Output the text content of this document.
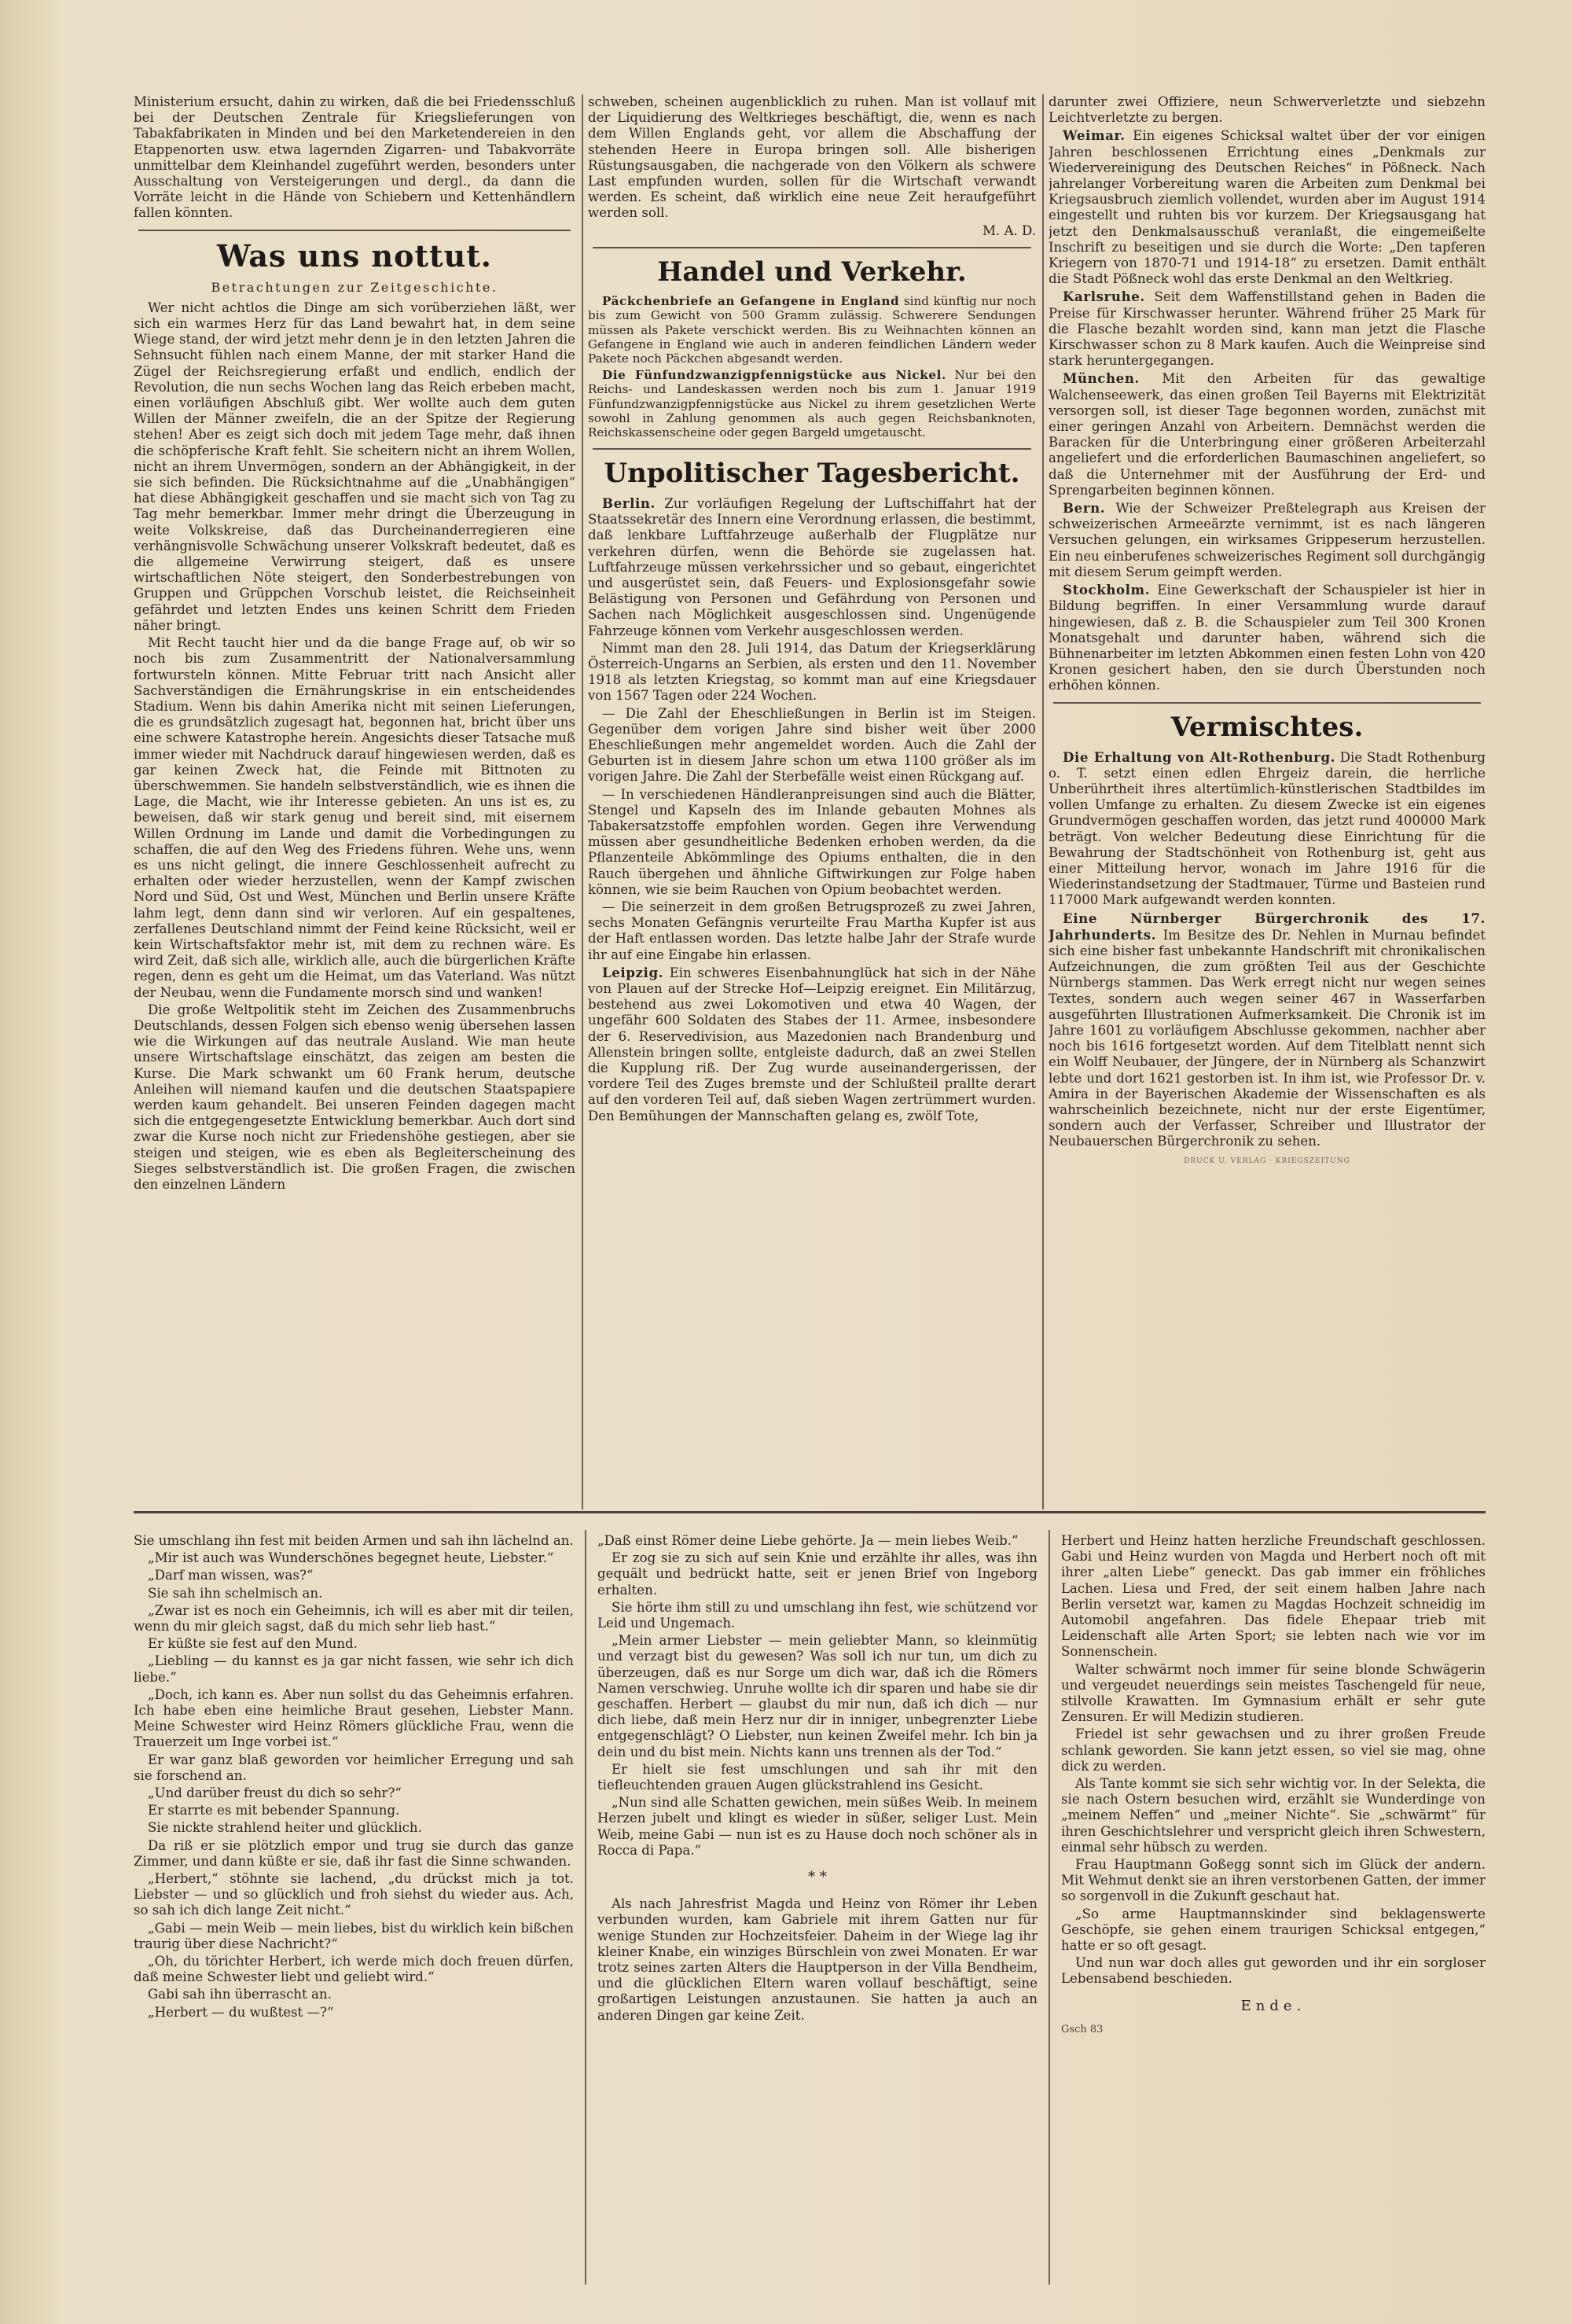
Ministerium ersucht, dahin zu wirken, daß die bei Friedensschluß bei der Deutschen Zentrale für Kriegslieferungen von Tabakfabrikaten in Minden und bei den Marketendereien in den Etappenorten usw. etwa lagernden Zigarren- und Tabakvorräte unmittelbar dem Kleinhandel zugeführt werden, besonders unter Ausschaltung von Versteigerungen und dergl., da dann die Vorräte leicht in die Hände von Schiebern und Kettenhändlern fallen könnten.

Was uns nottut.

Betrachtungen zur Zeitgeschichte.

Wer nicht achtlos die Dinge am sich vorüberziehen läßt, wer sich ein warmes Herz für das Land bewahrt hat, in dem seine Wiege stand, der wird jetzt mehr denn je in den letzten Jahren die Sehnsucht fühlen nach einem Manne, der mit starker Hand die Zügel der Reichsregierung erfaßt und endlich, endlich der Revolution, die nun sechs Wochen lang das Reich erbeben macht, einen vorläufigen Abschluß gibt. Wer wollte auch dem guten Willen der Männer zweifeln, die an der Spitze der Regierung stehen! Aber es zeigt sich doch mit jedem Tage mehr, daß ihnen die schöpferische Kraft fehlt. Sie scheitern nicht an ihrem Wollen, nicht an ihrem Unvermögen, sondern an der Abhängigkeit, in der sie sich befinden. Die Rücksichtnahme auf die „Unabhängigen“ hat diese Abhängigkeit geschaffen und sie macht sich von Tag zu Tag mehr bemerkbar. Immer mehr dringt die Überzeugung in weite Volkskreise, daß das Durcheinanderregieren eine verhängnisvolle Schwächung unserer Volkskraft bedeutet, daß es die allgemeine Verwirrung steigert, daß es unsere wirtschaftlichen Nöte steigert, den Sonderbestrebungen von Gruppen und Grüppchen Vorschub leistet, die Reichseinheit gefährdet und letzten Endes uns keinen Schritt dem Frieden näher bringt.

Mit Recht taucht hier und da die bange Frage auf, ob wir so noch bis zum Zusammentritt der Nationalversammlung fortwursteln können. Mitte Februar tritt nach Ansicht aller Sachverständigen die Ernährungskrise in ein entscheidendes Stadium. Wenn bis dahin Amerika nicht mit seinen Lieferungen, die es grundsätzlich zugesagt hat, begonnen hat, bricht über uns eine schwere Katastrophe herein. Angesichts dieser Tatsache muß immer wieder mit Nachdruck darauf hingewiesen werden, daß es gar keinen Zweck hat, die Feinde mit Bittnoten zu überschwemmen. Sie handeln selbstverständlich, wie es ihnen die Lage, die Macht, wie ihr Interesse gebieten. An uns ist es, zu beweisen, daß wir stark genug und bereit sind, mit eisernem Willen Ordnung im Lande und damit die Vorbedingungen zu schaffen, die auf den Weg des Friedens führen. Wehe uns, wenn es uns nicht gelingt, die innere Geschlossenheit aufrecht zu erhalten oder wieder herzustellen, wenn der Kampf zwischen Nord und Süd, Ost und West, München und Berlin unsere Kräfte lahm legt, denn dann sind wir verloren. Auf ein gespaltenes, zerfallenes Deutschland nimmt der Feind keine Rücksicht, weil er kein Wirtschaftsfaktor mehr ist, mit dem zu rechnen wäre. Es wird Zeit, daß sich alle, wirklich alle, auch die bürgerlichen Kräfte regen, denn es geht um die Heimat, um das Vaterland. Was nützt der Neubau, wenn die Fundamente morsch sind und wanken!

Die große Weltpolitik steht im Zeichen des Zusammenbruchs Deutschlands, dessen Folgen sich ebenso wenig übersehen lassen wie die Wirkungen auf das neutrale Ausland. Wie man heute unsere Wirtschaftslage einschätzt, das zeigen am besten die Kurse. Die Mark schwankt um 60 Frank herum, deutsche Anleihen will niemand kaufen und die deutschen Staatspapiere werden kaum gehandelt. Bei unseren Feinden dagegen macht sich die entgegengesetzte Entwicklung bemerkbar. Auch dort sind zwar die Kurse noch nicht zur Friedenshöhe gestiegen, aber sie steigen und steigen, wie es eben als Begleiterscheinung des Sieges selbstverständlich ist. Die großen Fragen, die zwischen den einzelnen Ländern

schweben, scheinen augenblicklich zu ruhen. Man ist vollauf mit der Liquidierung des Weltkrieges beschäftigt, die, wenn es nach dem Willen Englands geht, vor allem die Abschaffung der stehenden Heere in Europa bringen soll. Alle bisherigen Rüstungsausgaben, die nachgerade von den Völkern als schwere Last empfunden wurden, sollen für die Wirtschaft verwandt werden. Es scheint, daß wirklich eine neue Zeit heraufgeführt werden soll.

M. A. D.

Handel und Verkehr.

Päckchenbriefe an Gefangene in England sind künftig nur noch bis zum Gewicht von 500 Gramm zulässig. Schwerere Sendungen müssen als Pakete verschickt werden. Bis zu Weihnachten können an Gefangene in England wie auch in anderen feindlichen Ländern weder Pakete noch Päckchen abgesandt werden.

Die Fünfundzwanzigpfennigstücke aus Nickel. Nur bei den Reichs- und Landeskassen werden noch bis zum 1. Januar 1919 Fünfundzwanzigpfennigstücke aus Nickel zu ihrem gesetzlichen Werte sowohl in Zahlung genommen als auch gegen Reichsbanknoten, Reichskassenscheine oder gegen Bargeld umgetauscht.

Unpolitischer Tagesbericht.

Berlin. Zur vorläufigen Regelung der Luftschiffahrt hat der Staatssekretär des Innern eine Verordnung erlassen, die bestimmt, daß lenkbare Luftfahrzeuge außerhalb der Flugplätze nur verkehren dürfen, wenn die Behörde sie zugelassen hat. Luftfahrzeuge müssen verkehrssicher und so gebaut, eingerichtet und ausgerüstet sein, daß Feuers- und Explosionsgefahr sowie Belästigung von Personen und Gefährdung von Personen und Sachen nach Möglichkeit ausgeschlossen sind. Ungenügende Fahrzeuge können vom Verkehr ausgeschlossen werden.

Nimmt man den 28. Juli 1914, das Datum der Kriegserklärung Österreich-Ungarns an Serbien, als ersten und den 11. November 1918 als letzten Kriegstag, so kommt man auf eine Kriegsdauer von 1567 Tagen oder 224 Wochen.

— Die Zahl der Eheschließungen in Berlin ist im Steigen. Gegenüber dem vorigen Jahre sind bisher weit über 2000 Eheschließungen mehr angemeldet worden. Auch die Zahl der Geburten ist in diesem Jahre schon um etwa 1100 größer als im vorigen Jahre. Die Zahl der Sterbefälle weist einen Rückgang auf.

— In verschiedenen Händleranpreisungen sind auch die Blätter, Stengel und Kapseln des im Inlande gebauten Mohnes als Tabakersatzstoffe empfohlen worden. Gegen ihre Verwendung müssen aber gesundheitliche Bedenken erhoben werden, da die Pflanzenteile Abkömmlinge des Opiums enthalten, die in den Rauch übergehen und ähnliche Giftwirkungen zur Folge haben können, wie sie beim Rauchen von Opium beobachtet werden.

— Die seinerzeit in dem großen Betrugsprozeß zu zwei Jahren, sechs Monaten Gefängnis verurteilte Frau Martha Kupfer ist aus der Haft entlassen worden. Das letzte halbe Jahr der Strafe wurde ihr auf eine Eingabe hin erlassen.

Leipzig. Ein schweres Eisenbahnunglück hat sich in der Nähe von Plauen auf der Strecke Hof—Leipzig ereignet. Ein Militärzug, bestehend aus zwei Lokomotiven und etwa 40 Wagen, der ungefähr 600 Soldaten des Stabes der 11. Armee, insbesondere der 6. Reservedivision, aus Mazedonien nach Brandenburg und Allenstein bringen sollte, entgleiste dadurch, daß an zwei Stellen die Kupplung riß. Der Zug wurde auseinandergerissen, der vordere Teil des Zuges bremste und der Schlußteil prallte derart auf den vorderen Teil auf, daß sieben Wagen zertrümmert wurden. Den Bemühungen der Mannschaften gelang es, zwölf Tote,

darunter zwei Offiziere, neun Schwerverletzte und siebzehn Leichtverletzte zu bergen.

Weimar. Ein eigenes Schicksal waltet über der vor einigen Jahren beschlossenen Errichtung eines „Denkmals zur Wiedervereinigung des Deutschen Reiches“ in Pößneck. Nach jahrelanger Vorbereitung waren die Arbeiten zum Denkmal bei Kriegsausbruch ziemlich vollendet, wurden aber im August 1914 eingestellt und ruhten bis vor kurzem. Der Kriegsausgang hat jetzt den Denkmalsausschuß veranlaßt, die eingemeißelte Inschrift zu beseitigen und sie durch die Worte: „Den tapferen Kriegern von 1870-71 und 1914-18“ zu ersetzen. Damit enthält die Stadt Pößneck wohl das erste Denkmal an den Weltkrieg.

Karlsruhe. Seit dem Waffenstillstand gehen in Baden die Preise für Kirschwasser herunter. Während früher 25 Mark für die Flasche bezahlt worden sind, kann man jetzt die Flasche Kirschwasser schon zu 8 Mark kaufen. Auch die Weinpreise sind stark heruntergegangen.

München. Mit den Arbeiten für das gewaltige Walchenseewerk, das einen großen Teil Bayerns mit Elektrizität versorgen soll, ist dieser Tage begonnen worden, zunächst mit einer geringen Anzahl von Arbeitern. Demnächst werden die Baracken für die Unterbringung einer größeren Arbeiterzahl angeliefert und die erforderlichen Baumaschinen angeliefert, so daß die Unternehmer mit der Ausführung der Erd- und Sprengarbeiten beginnen können.

Bern. Wie der Schweizer Preßtelegraph aus Kreisen der schweizerischen Armeeärzte vernimmt, ist es nach längeren Versuchen gelungen, ein wirksames Grippeserum herzustellen. Ein neu einberufenes schweizerisches Regiment soll durchgängig mit diesem Serum geimpft werden.

Stockholm. Eine Gewerkschaft der Schauspieler ist hier in Bildung begriffen. In einer Versammlung wurde darauf hingewiesen, daß z. B. die Schauspieler zum Teil 300 Kronen Monatsgehalt und darunter haben, während sich die Bühnenarbeiter im letzten Abkommen einen festen Lohn von 420 Kronen gesichert haben, den sie durch Überstunden noch erhöhen können.

Vermischtes.

Die Erhaltung von Alt-Rothenburg. Die Stadt Rothenburg o. T. setzt einen edlen Ehrgeiz darein, die herrliche Unberührtheit ihres altertümlich-künstlerischen Stadtbildes im vollen Umfange zu erhalten. Zu diesem Zwecke ist ein eigenes Grundvermögen geschaffen worden, das jetzt rund 400000 Mark beträgt. Von welcher Bedeutung diese Einrichtung für die Bewahrung der Stadtschönheit von Rothenburg ist, geht aus einer Mitteilung hervor, wonach im Jahre 1916 für die Wiederinstandsetzung der Stadtmauer, Türme und Basteien rund 117000 Mark aufgewandt werden konnten.

Eine Nürnberger Bürgerchronik des 17. Jahrhunderts. Im Besitze des Dr. Nehlen in Murnau befindet sich eine bisher fast unbekannte Handschrift mit chronikalischen Aufzeichnungen, die zum größten Teil aus der Geschichte Nürnbergs stammen. Das Werk erregt nicht nur wegen seines Textes, sondern auch wegen seiner 467 in Wasserfarben ausgeführten Illustrationen Aufmerksamkeit. Die Chronik ist im Jahre 1601 zu vorläufigem Abschlusse gekommen, nachher aber noch bis 1616 fortgesetzt worden. Auf dem Titelblatt nennt sich ein Wolff Neubauer, der Jüngere, der in Nürnberg als Schanzwirt lebte und dort 1621 gestorben ist. In ihm ist, wie Professor Dr. v. Amira in der Bayerischen Akademie der Wissenschaften es als wahrscheinlich bezeichnete, nicht nur der erste Eigentümer, sondern auch der Verfasser, Schreiber und Illustrator der Neubauerschen Bürgerchronik zu sehen.

DRUCK U. VERLAG · KRIEGSZEITUNG

Sie umschlang ihn fest mit beiden Armen und sah ihn lächelnd an.

„Mir ist auch was Wunderschönes begegnet heute, Liebster.“

„Darf man wissen, was?“

Sie sah ihn schelmisch an.

„Zwar ist es noch ein Geheimnis, ich will es aber mit dir teilen, wenn du mir gleich sagst, daß du mich sehr lieb hast.“

Er küßte sie fest auf den Mund.

„Liebling — du kannst es ja gar nicht fassen, wie sehr ich dich liebe.“

„Doch, ich kann es. Aber nun sollst du das Geheimnis erfahren. Ich habe eben eine heimliche Braut gesehen, Liebster Mann. Meine Schwester wird Heinz Römers glückliche Frau, wenn die Trauerzeit um Inge vorbei ist.“

Er war ganz blaß geworden vor heimlicher Erregung und sah sie forschend an.

„Und darüber freust du dich so sehr?“

Er starrte es mit bebender Spannung.

Sie nickte strahlend heiter und glücklich.

Da riß er sie plötzlich empor und trug sie durch das ganze Zimmer, und dann küßte er sie, daß ihr fast die Sinne schwanden.

„Herbert,“ stöhnte sie lachend, „du drückst mich ja tot. Liebster — und so glücklich und froh siehst du wieder aus. Ach, so sah ich dich lange Zeit nicht.“

„Gabi — mein Weib — mein liebes, bist du wirklich kein bißchen traurig über diese Nachricht?“

„Oh, du törichter Herbert, ich werde mich doch freuen dürfen, daß meine Schwester liebt und geliebt wird.“

Gabi sah ihn überrascht an.

„Herbert — du wußtest —?“

„Daß einst Römer deine Liebe gehörte. Ja — mein liebes Weib.“

Er zog sie zu sich auf sein Knie und erzählte ihr alles, was ihn gequält und bedrückt hatte, seit er jenen Brief von Ingeborg erhalten.

Sie hörte ihm still zu und umschlang ihn fest, wie schützend vor Leid und Ungemach.

„Mein armer Liebster — mein geliebter Mann, so kleinmütig und verzagt bist du gewesen? Was soll ich nur tun, um dich zu überzeugen, daß es nur Sorge um dich war, daß ich die Römers Namen verschwieg. Unruhe wollte ich dir sparen und habe sie dir geschaffen. Herbert — glaubst du mir nun, daß ich dich — nur dich liebe, daß mein Herz nur dir in inniger, unbegrenzter Liebe entgegenschlägt? O Liebster, nun keinen Zweifel mehr. Ich bin ja dein und du bist mein. Nichts kann uns trennen als der Tod.“

Er hielt sie fest umschlungen und sah ihr mit den tiefleuchtenden grauen Augen glückstrahlend ins Gesicht.

„Nun sind alle Schatten gewichen, mein süßes Weib. In meinem Herzen jubelt und klingt es wieder in süßer, seliger Lust. Mein Weib, meine Gabi — nun ist es zu Hause doch noch schöner als in Rocca di Papa.“

* *

Als nach Jahresfrist Magda und Heinz von Römer ihr Leben verbunden wurden, kam Gabriele mit ihrem Gatten nur für wenige Stunden zur Hochzeitsfeier. Daheim in der Wiege lag ihr kleiner Knabe, ein winziges Bürschlein von zwei Monaten. Er war trotz seines zarten Alters die Hauptperson in der Villa Bendheim, und die glücklichen Eltern waren vollauf beschäftigt, seine großartigen Leistungen anzustaunen. Sie hatten ja auch an anderen Dingen gar keine Zeit.

Herbert und Heinz hatten herzliche Freundschaft geschlossen. Gabi und Heinz wurden von Magda und Herbert noch oft mit ihrer „alten Liebe“ geneckt. Das gab immer ein fröhliches Lachen. Liesa und Fred, der seit einem halben Jahre nach Berlin versetzt war, kamen zu Magdas Hochzeit schneidig im Automobil angefahren. Das fidele Ehepaar trieb mit Leidenschaft alle Arten Sport; sie lebten nach wie vor im Sonnenschein.

Walter schwärmt noch immer für seine blonde Schwägerin und vergeudet neuerdings sein meistes Taschengeld für neue, stilvolle Krawatten. Im Gymnasium erhält er sehr gute Zensuren. Er will Medizin studieren.

Friedel ist sehr gewachsen und zu ihrer großen Freude schlank geworden. Sie kann jetzt essen, so viel sie mag, ohne dick zu werden.

Als Tante kommt sie sich sehr wichtig vor. In der Selekta, die sie nach Ostern besuchen wird, erzählt sie Wunderdinge von „meinem Neffen“ und „meiner Nichte“. Sie „schwärmt“ für ihren Geschichtslehrer und verspricht gleich ihren Schwestern, einmal sehr hübsch zu werden.

Frau Hauptmann Goßegg sonnt sich im Glück der andern. Mit Wehmut denkt sie an ihren verstorbenen Gatten, der immer so sorgenvoll in die Zukunft geschaut hat.

„So arme Hauptmannskinder sind beklagenswerte Geschöpfe, sie gehen einem traurigen Schicksal entgegen,“ hatte er so oft gesagt.

Und nun war doch alles gut geworden und ihr ein sorgloser Lebensabend beschieden.

Ende.

Gsch 83
